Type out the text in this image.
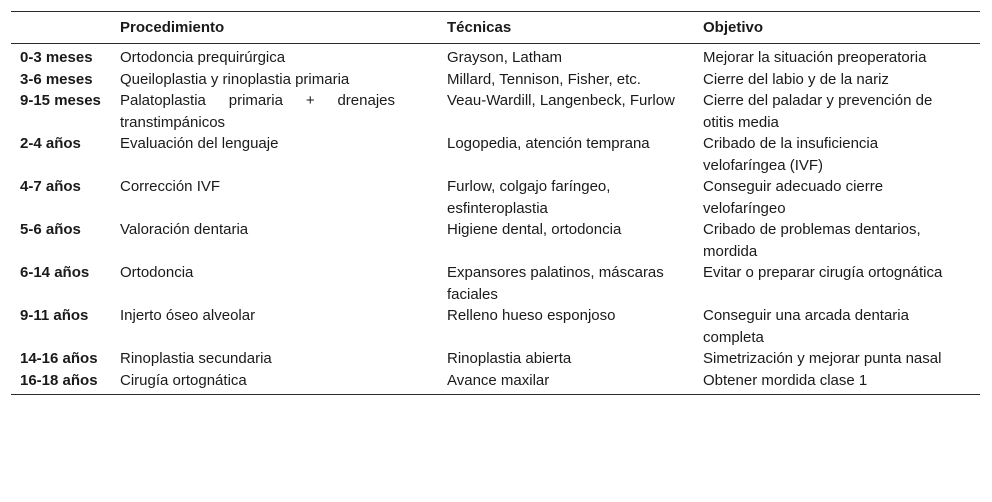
	Procedimiento	Técnicas	Objetivo
0-3 meses	Ortodoncia prequirúrgica	Grayson, Latham	Mejorar la situación preoperatoria
3-6 meses	Queiloplastia y rinoplastia primaria	Millard, Tennison, Fisher, etc.	Cierre del labio y de la nariz
9-15 meses	Palatoplastia primaria + drenajes transtimpánicos	Veau-Wardill, Langenbeck, Furlow	Cierre del paladar y prevención de otitis media
2-4 años	Evaluación del lenguaje	Logopedia, atención temprana	Cribado de la insuficiencia velofaríngea (IVF)
4-7 años	Corrección IVF	Furlow, colgajo faríngeo, esfinteroplastia	Conseguir adecuado cierre velofaríngeo
5-6 años	Valoración dentaria	Higiene dental, ortodoncia	Cribado de problemas dentarios, mordida
6-14 años	Ortodoncia	Expansores palatinos, máscaras faciales	Evitar o preparar cirugía ortognática
9-11 años	Injerto óseo alveolar	Relleno hueso esponjoso	Conseguir una arcada dentaria completa
14-16 años	Rinoplastia secundaria	Rinoplastia abierta	Simetrización y mejorar punta nasal
16-18 años	Cirugía ortognática	Avance maxilar	Obtener mordida clase 1
